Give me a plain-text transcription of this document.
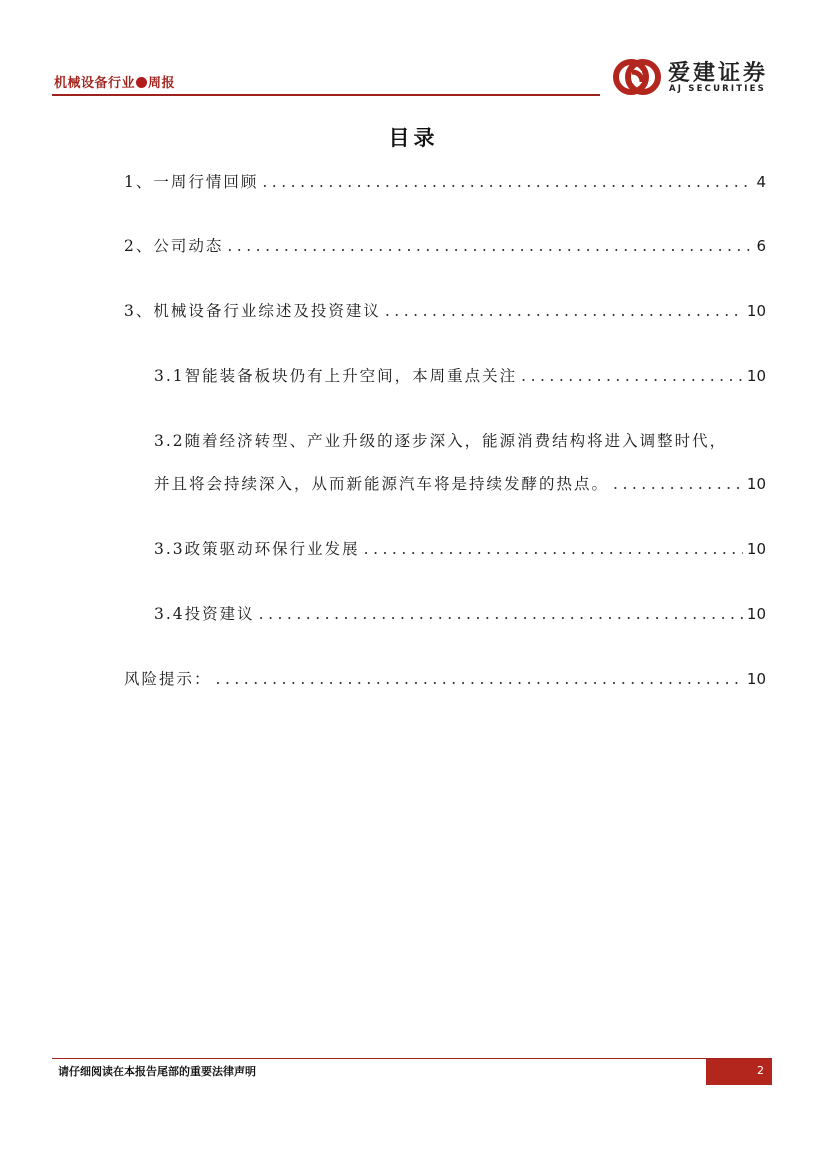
机械设备行业 周报	爱建证券
AJ SECURITIES
目录
1、一周行情回顾 .....	4
2、公司动态 .....	6
3、机械设备行业综述及投资建议 .....	10
3.1智能装备板块仍有上升空间，本周重点关注 .....	10
3.2随着经济转型、产业升级的逐步深入，能源消费结构将进入调整时代，
并且将会持续深入，从而新能源汽车将是持续发酵的热点。 .....	10
3.3政策驱动环保行业发展 .....	10
3.4投资建议 .....	10
风险提示： .....	10
请仔细阅读在本报告尾部的重要法律声明	2
